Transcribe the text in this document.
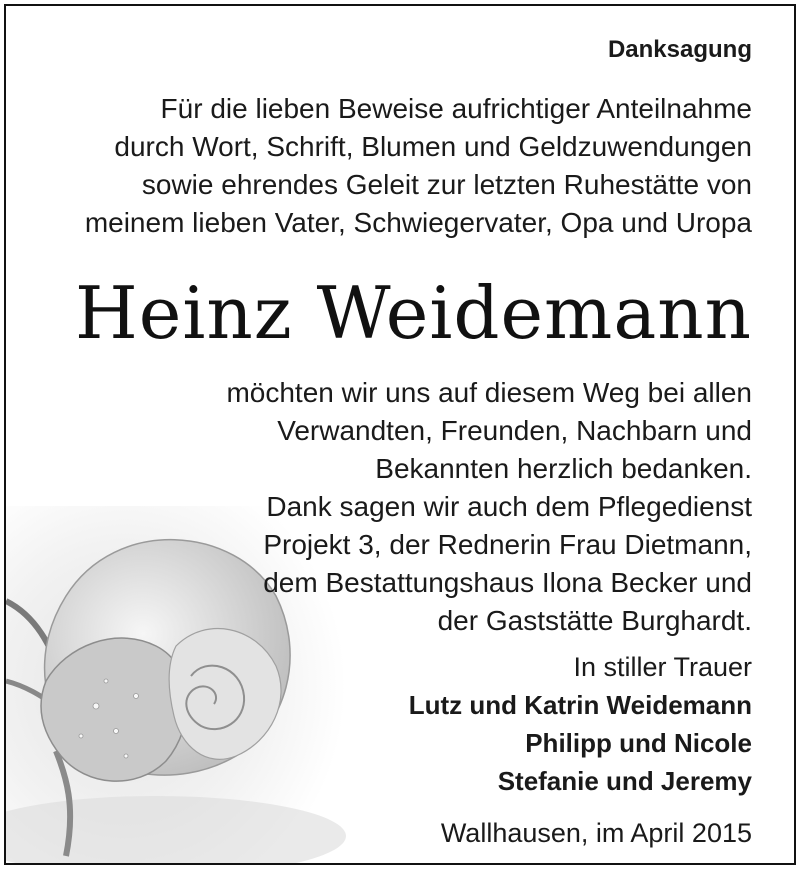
Danksagung
Für die lieben Beweise aufrichtiger Anteilnahme
durch Wort, Schrift, Blumen und Geldzuwendungen
sowie ehrendes Geleit zur letzten Ruhestätte von
meinem lieben Vater, Schwiegervater, Opa und Uropa
Heinz Weidemann
möchten wir uns auf diesem Weg bei allen
Verwandten, Freunden, Nachbarn und
Bekannten herzlich bedanken.
Dank sagen wir auch dem Pflegedienst
Projekt 3, der Rednerin Frau Dietmann,
dem Bestattungshaus Ilona Becker und
der Gaststätte Burghardt.
In stiller Trauer
Lutz und Katrin Weidemann
Philipp und Nicole
Stefanie und Jeremy
Wallhausen, im April 2015
